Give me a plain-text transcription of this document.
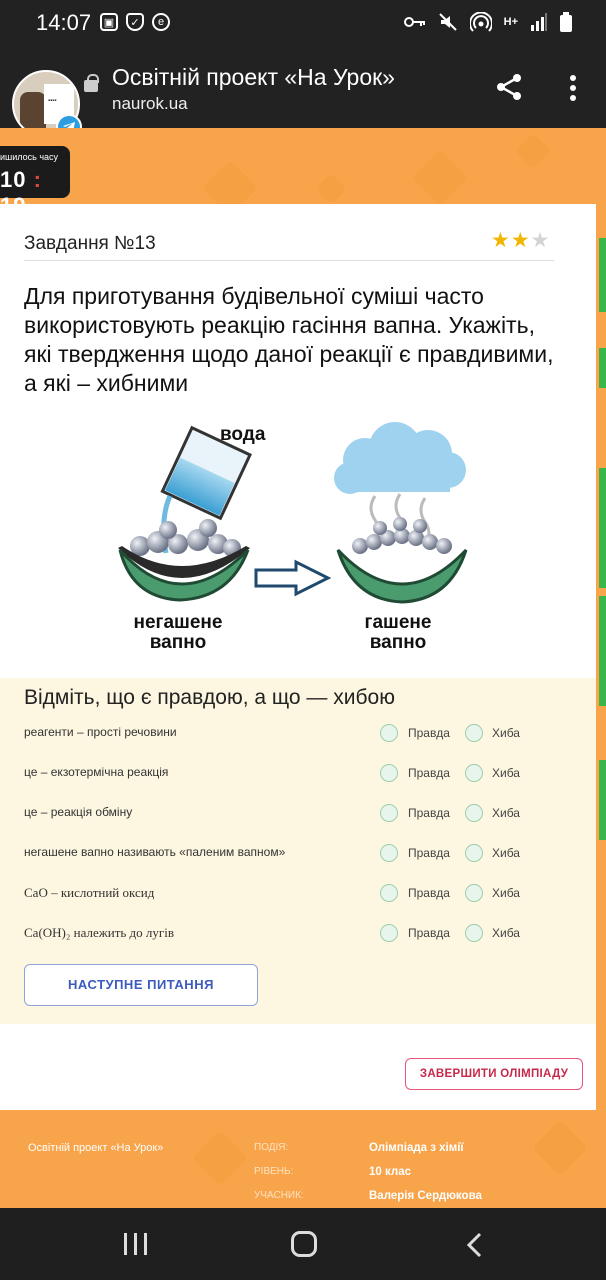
14:07	▣	✓	e	H+
▪▪▪▪
Освітній проект «На Урок»
naurok.ua
ишилось часу
10 :
Завдання №13	★★★
Для приготування будівельної суміші часто використовують реакцію гасіння вапна. Укажіть, які твердження щодо даної реакції є правдивими, а які – хибними
вода
негашене
вапно
гашене
вапно
Відміть, що є правдою, а що — хибою
реагенти – прості речовини	Правда	Хиба
це – екзотермічна реакція	Правда	Хиба
це – реакція обміну	Правда	Хиба
негашене вапно називають «паленим вапном»	Правда	Хиба
CaO – кислотний оксид	Правда	Хиба
Ca(OH)₂ належить до лугів	Правда	Хиба
НАСТУПНЕ ПИТАННЯ
ЗАВЕРШИТИ ОЛІМПІАДУ
Освітній проект «На Урок»	ПОДІЯ:	Олімпіада з хімії
РІВЕНЬ:	10 клас
УЧАСНИК:	Валерія Сердюкова
